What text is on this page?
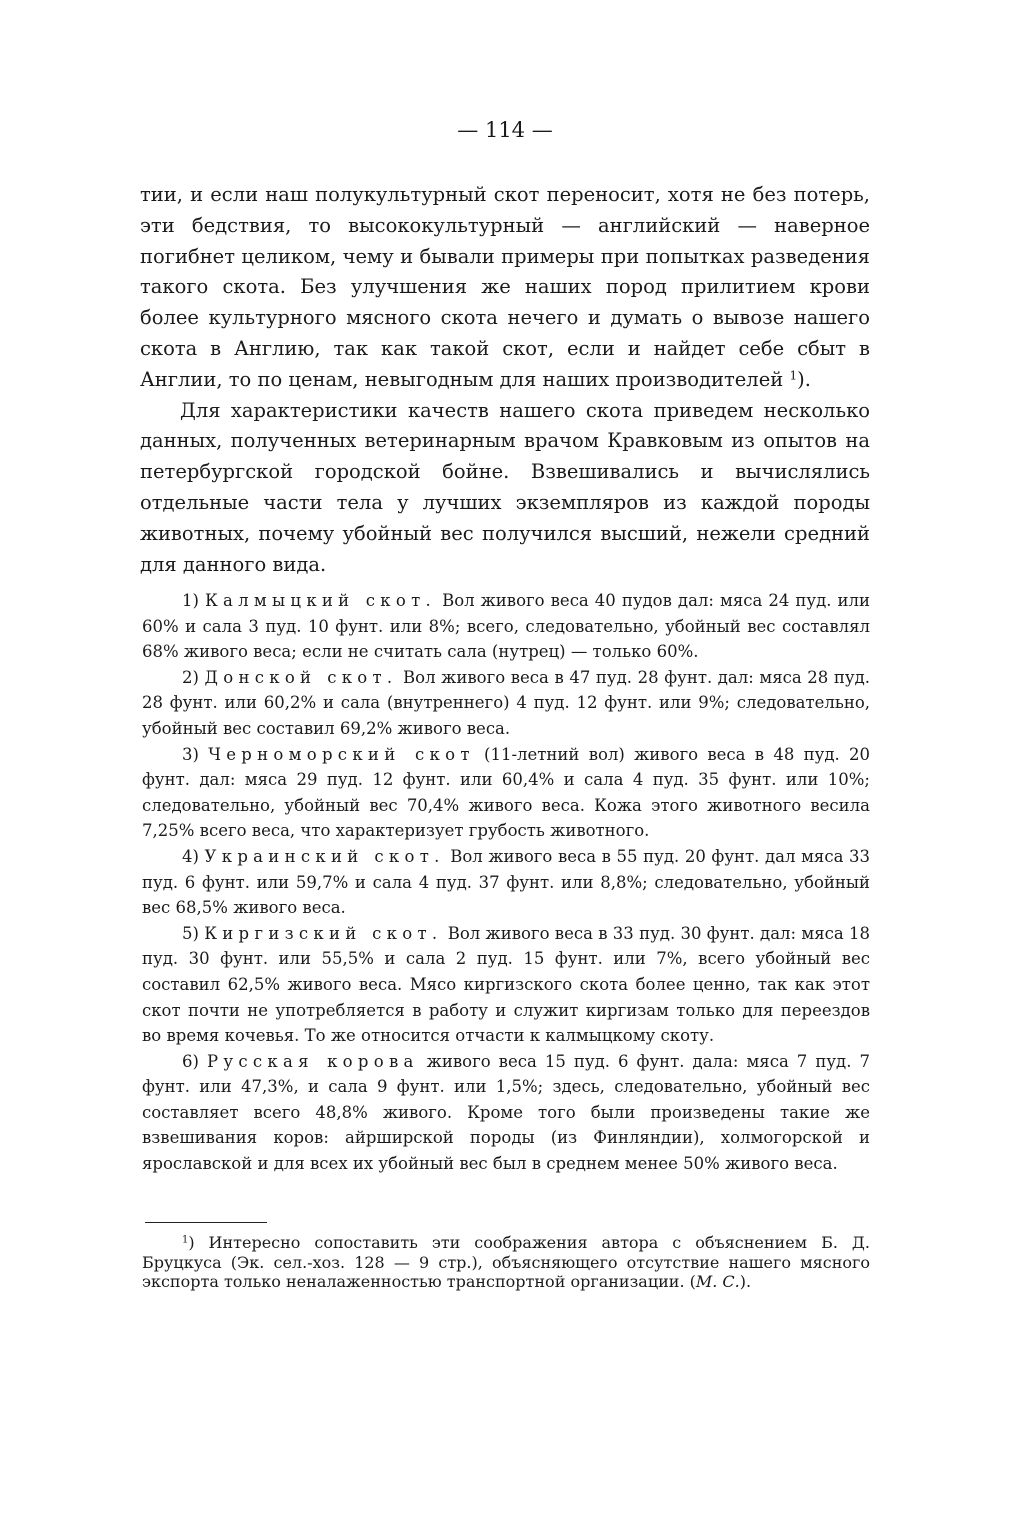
— 114 —

тии, и если наш полукультурный скот переносит, хотя не без потерь, эти бедствия, то высококультурный — английский — наверное погибнет целиком, чему и бывали примеры при попытках разведения такого скота. Без улучшения же наших пород прилитием крови более культурного мясного скота нечего и думать о вывозе нашего скота в Англию, так как такой скот, если и найдет себе сбыт в Англии, то по ценам, невыгодным для наших производителей $^1$).

Для характеристики качеств нашего скота приведем несколько данных, полученных ветеринарным врачом Кравковым из опытов на петербургской городской бойне. Взвешивались и вычислялись отдельные части тела у лучших экземпляров из каждой породы животных, почему убойный вес получился высший, нежели средний для данного вида.

1) Калмыцкий скот. Вол живого веса 40 пудов дал: мяса 24 пуд. или 60% и сала 3 пуд. 10 фунт. или 8%; всего, следовательно, убойный вес составлял 68% живого веса; если не считать сала (нутрец) — только 60%.

2) Донской скот. Вол живого веса в 47 пуд. 28 фунт. дал: мяса 28 пуд. 28 фунт. или 60,2% и сала (внутреннего) 4 пуд. 12 фунт. или 9%; следовательно, убойный вес составил 69,2% живого веса.

3) Черноморский скот (11-летний вол) живого веса в 48 пуд. 20 фунт. дал: мяса 29 пуд. 12 фунт. или 60,4% и сала 4 пуд. 35 фунт. или 10%; следовательно, убойный вес 70,4% живого веса. Кожа этого животного весила 7,25% всего веса, что характеризует грубость животного.

4) Украинский скот. Вол живого веса в 55 пуд. 20 фунт. дал мяса 33 пуд. 6 фунт. или 59,7% и сала 4 пуд. 37 фунт. или 8,8%; следовательно, убойный вес 68,5% живого веса.

5) Киргизский скот. Вол живого веса в 33 пуд. 30 фунт. дал: мяса 18 пуд. 30 фунт. или 55,5% и сала 2 пуд. 15 фунт. или 7%, всего убойный вес составил 62,5% живого веса. Мясо киргизского скота более ценно, так как этот скот почти не употребляется в работу и служит киргизам только для переездов во время кочевья. То же относится отчасти к калмыцкому скоту.

6) Русская корова живого веса 15 пуд. 6 фунт. дала: мяса 7 пуд. 7 фунт. или 47,3%, и сала 9 фунт. или 1,5%; здесь, следовательно, убойный вес составляет всего 48,8% живого. Кроме того были произведены такие же взвешивания коров: айрширской породы (из Финляндии), холмогорской и ярославской и для всех их убойный вес был в среднем менее 50% живого веса.

$^1$) Интересно сопоставить эти соображения автора с объяснением Б. Д. Бруцкуса (Эк. сел.-хоз. 128 — 9 стр.), объясняющего отсутствие нашего мясного экспорта только неналаженностью транспортной организации. (М. С.).
